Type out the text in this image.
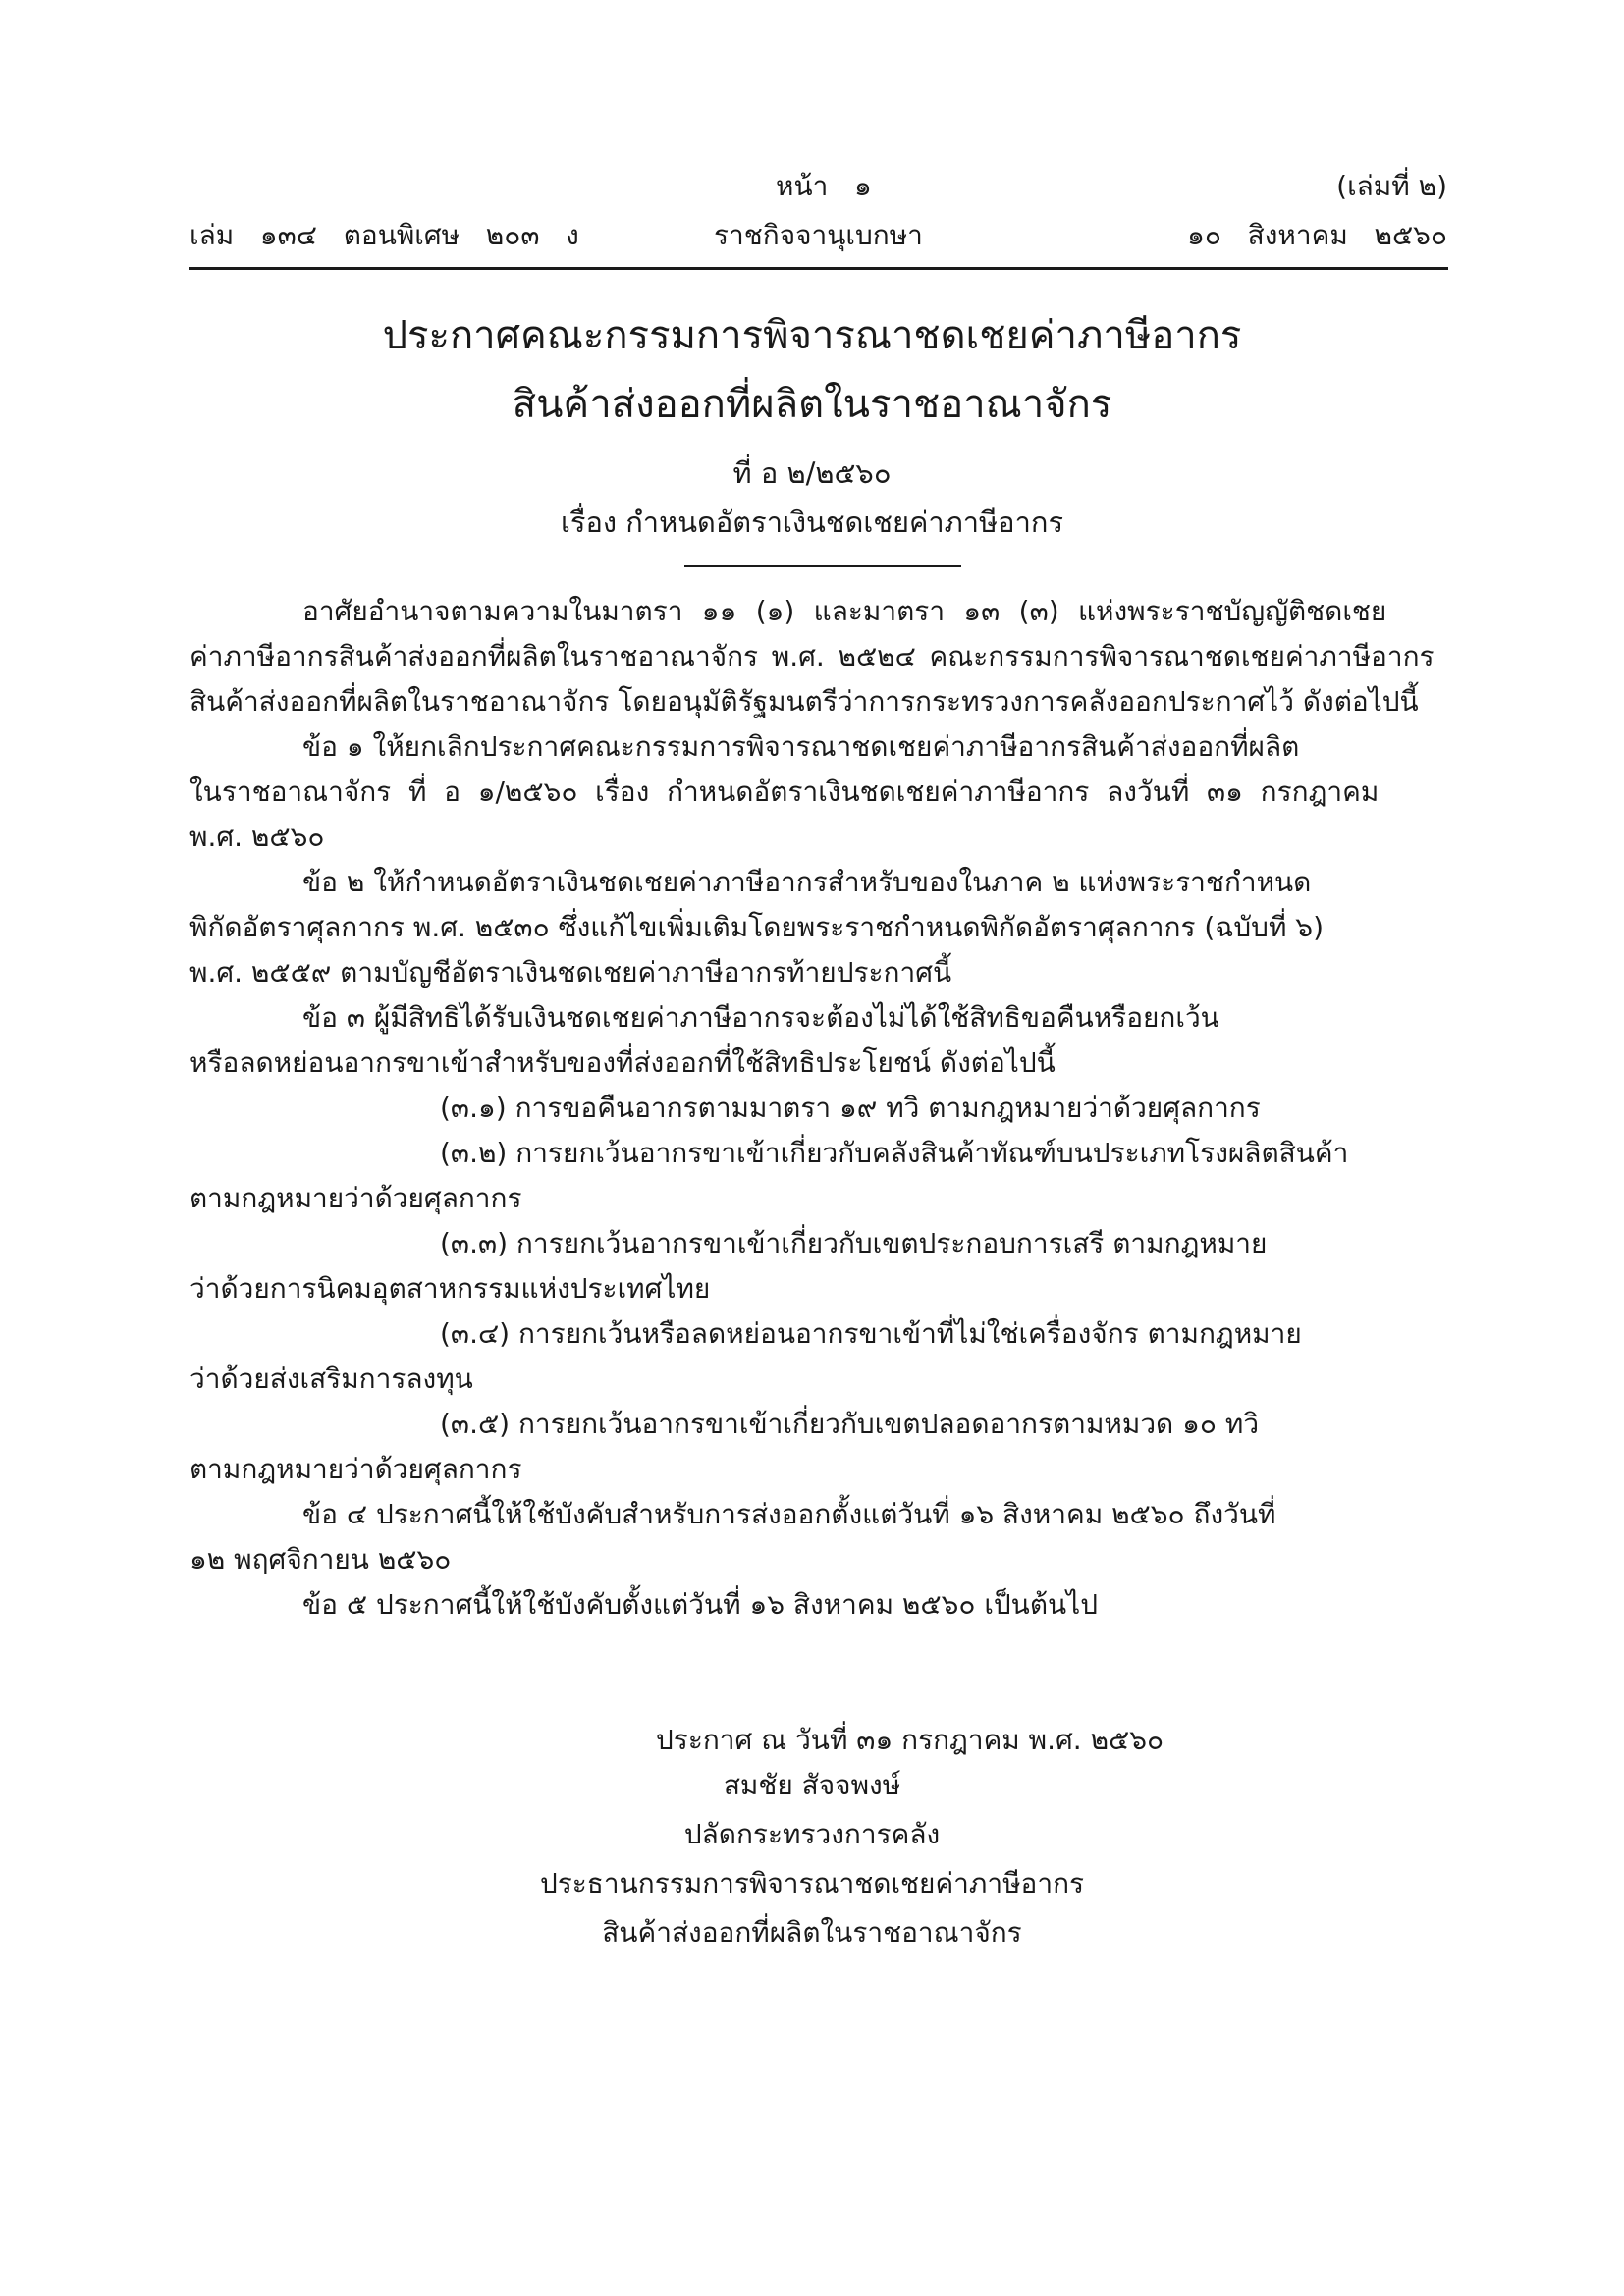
หน้า   ๑	(เล่มที่ ๒)
เล่ม   ๑๓๔   ตอนพิเศษ   ๒๐๓   ง	ราชกิจจานุเบกษา	๑๐   สิงหาคม   ๒๕๖๐
ประกาศคณะกรรมการพิจารณาชดเชยค่าภาษีอากร
สินค้าส่งออกที่ผลิตในราชอาณาจักร
ที่ อ ๒/๒๕๖๐
เรื่อง กำหนดอัตราเงินชดเชยค่าภาษีอากร
อาศัยอำนาจตามความในมาตรา ๑๑ (๑) และมาตรา ๑๓ (๓) แห่งพระราชบัญญัติชดเชย
ค่าภาษีอากรสินค้าส่งออกที่ผลิตในราชอาณาจักร พ.ศ. ๒๕๒๔ คณะกรรมการพิจารณาชดเชยค่าภาษีอากร
สินค้าส่งออกที่ผลิตในราชอาณาจักร โดยอนุมัติรัฐมนตรีว่าการกระทรวงการคลังออกประกาศไว้ ดังต่อไปนี้
ข้อ ๑ ให้ยกเลิกประกาศคณะกรรมการพิจารณาชดเชยค่าภาษีอากรสินค้าส่งออกที่ผลิต
ในราชอาณาจักร ที่ อ ๑/๒๕๖๐ เรื่อง กำหนดอัตราเงินชดเชยค่าภาษีอากร ลงวันที่ ๓๑ กรกฎาคม
พ.ศ. ๒๕๖๐
ข้อ ๒ ให้กำหนดอัตราเงินชดเชยค่าภาษีอากรสำหรับของในภาค ๒ แห่งพระราชกำหนด
พิกัดอัตราศุลกากร พ.ศ. ๒๕๓๐ ซึ่งแก้ไขเพิ่มเติมโดยพระราชกำหนดพิกัดอัตราศุลกากร (ฉบับที่ ๖)
พ.ศ. ๒๕๕๙ ตามบัญชีอัตราเงินชดเชยค่าภาษีอากรท้ายประกาศนี้
ข้อ ๓ ผู้มีสิทธิได้รับเงินชดเชยค่าภาษีอากรจะต้องไม่ได้ใช้สิทธิขอคืนหรือยกเว้น
หรือลดหย่อนอากรขาเข้าสำหรับของที่ส่งออกที่ใช้สิทธิประโยชน์ ดังต่อไปนี้
(๓.๑) การขอคืนอากรตามมาตรา ๑๙ ทวิ ตามกฎหมายว่าด้วยศุลกากร
(๓.๒) การยกเว้นอากรขาเข้าเกี่ยวกับคลังสินค้าทัณฑ์บนประเภทโรงผลิตสินค้า
ตามกฎหมายว่าด้วยศุลกากร
(๓.๓) การยกเว้นอากรขาเข้าเกี่ยวกับเขตประกอบการเสรี ตามกฎหมาย
ว่าด้วยการนิคมอุตสาหกรรมแห่งประเทศไทย
(๓.๔) การยกเว้นหรือลดหย่อนอากรขาเข้าที่ไม่ใช่เครื่องจักร ตามกฎหมาย
ว่าด้วยส่งเสริมการลงทุน
(๓.๕) การยกเว้นอากรขาเข้าเกี่ยวกับเขตปลอดอากรตามหมวด ๑๐ ทวิ
ตามกฎหมายว่าด้วยศุลกากร
ข้อ ๔ ประกาศนี้ให้ใช้บังคับสำหรับการส่งออกตั้งแต่วันที่ ๑๖ สิงหาคม ๒๕๖๐ ถึงวันที่
๑๒ พฤศจิกายน ๒๕๖๐
ข้อ ๕ ประกาศนี้ให้ใช้บังคับตั้งแต่วันที่ ๑๖ สิงหาคม ๒๕๖๐ เป็นต้นไป
ประกาศ ณ วันที่ ๓๑ กรกฎาคม พ.ศ. ๒๕๖๐
สมชัย สัจจพงษ์
ปลัดกระทรวงการคลัง
ประธานกรรมการพิจารณาชดเชยค่าภาษีอากร
สินค้าส่งออกที่ผลิตในราชอาณาจักร
